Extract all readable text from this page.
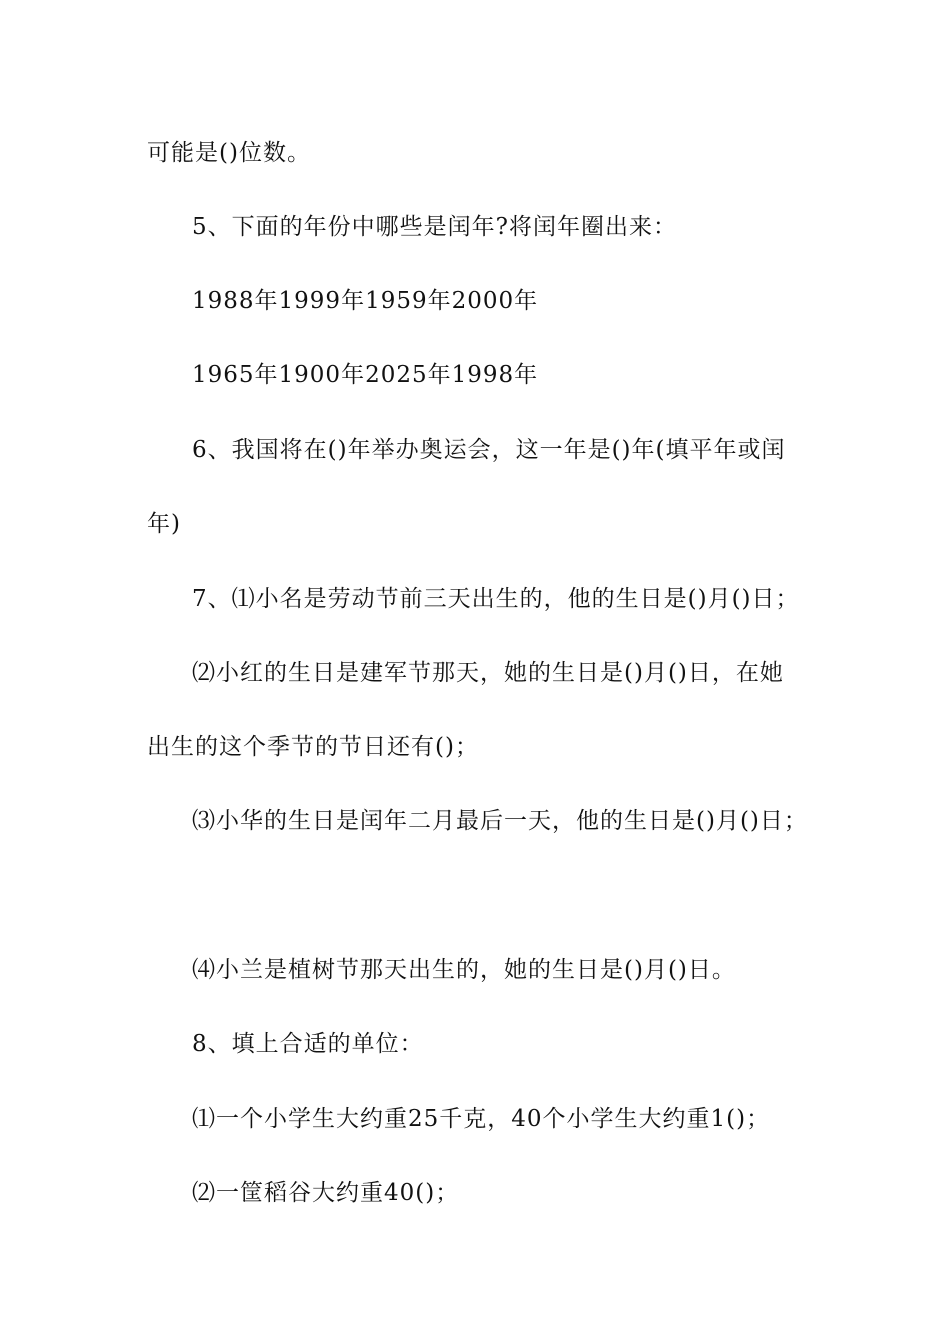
可能是()位数。
5、下面的年份中哪些是闰年?将闰年圈出来：
1988年1999年1959年2000年
1965年1900年2025年1998年
6、我国将在()年举办奥运会，这一年是()年(填平年或闰
年)
7、⑴小名是劳动节前三天出生的，他的生日是()月()日；
⑵小红的生日是建军节那天，她的生日是()月()日，在她
出生的这个季节的节日还有()；
⑶小华的生日是闰年二月最后一天，他的生日是()月()日；
⑷小兰是植树节那天出生的，她的生日是()月()日。
8、填上合适的单位：
⑴一个小学生大约重25千克，40个小学生大约重1()；
⑵一筐稻谷大约重40()；
